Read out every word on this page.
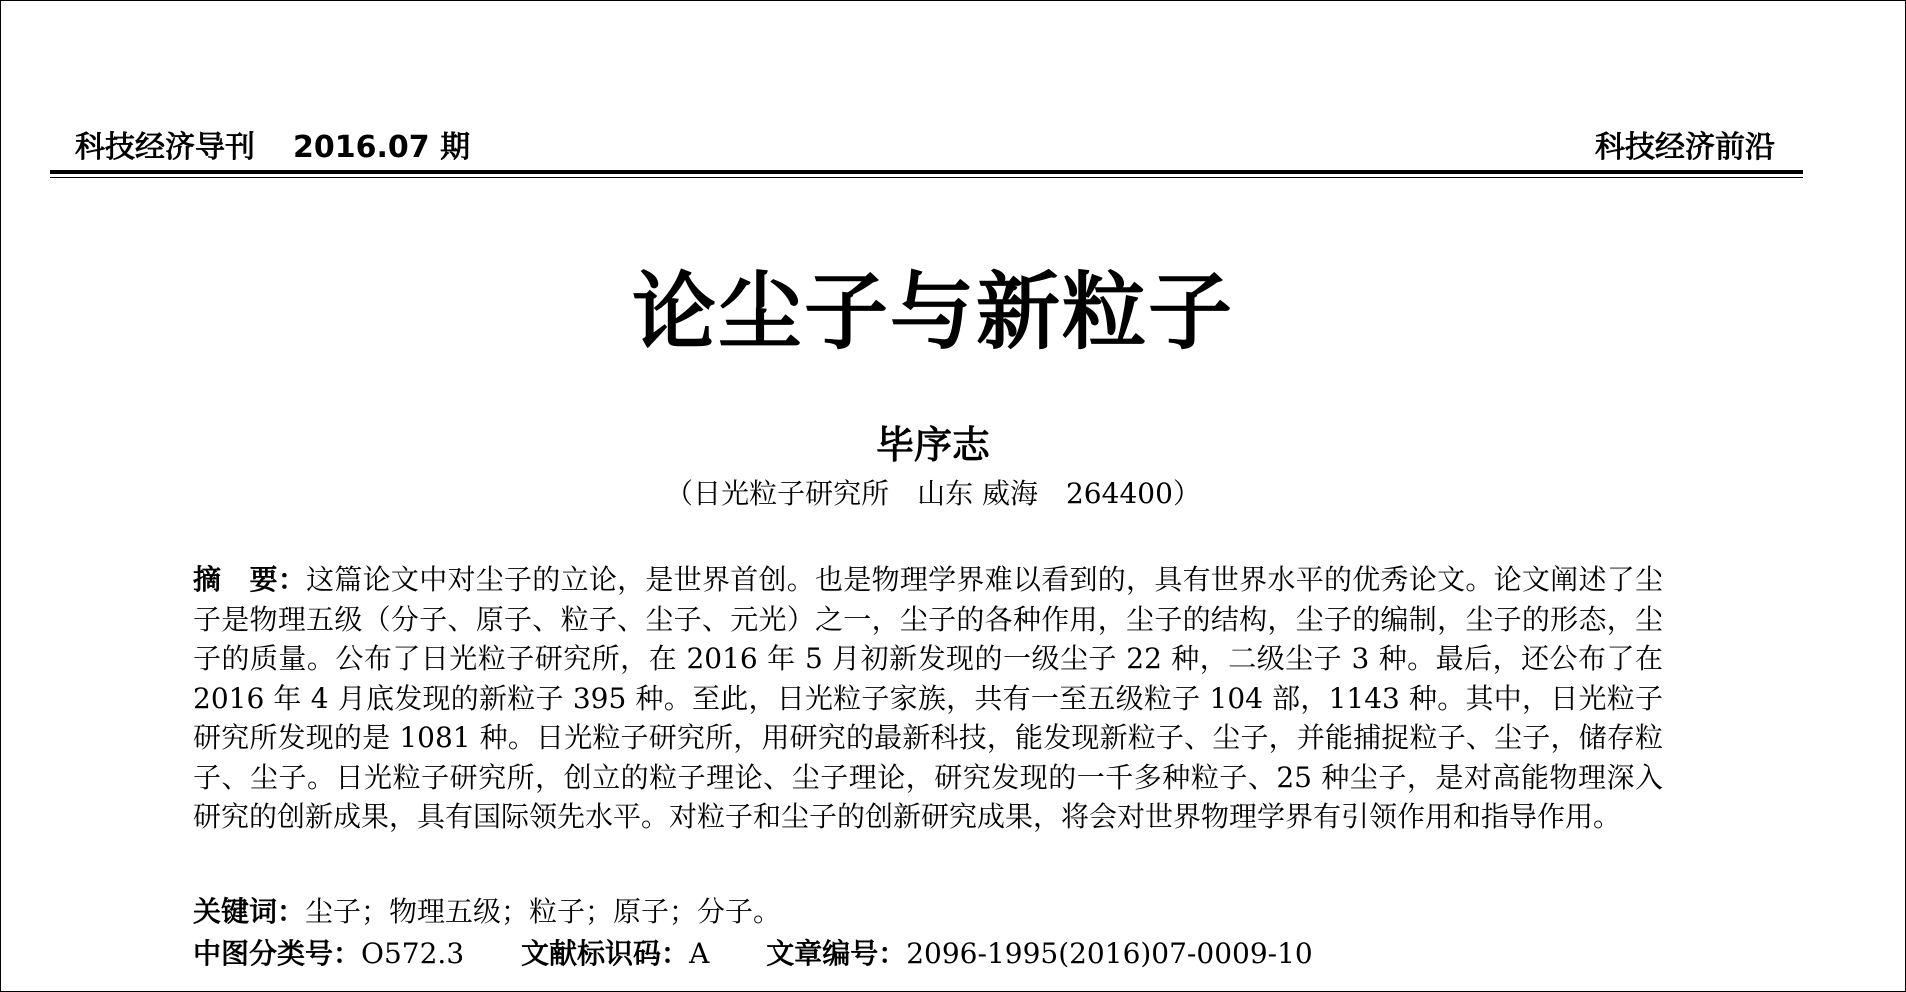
科技经济导刊 2016.07 期	科技经济前沿
论尘子与新粒子
毕序志
（日光粒子研究所　山东 威海　264400）
摘　要：这篇论文中对尘子的立论，是世界首创。也是物理学界难以看到的，具有世界水平的优秀论文。论文阐述了尘子是物理五级（分子、原子、粒子、尘子、元光）之一，尘子的各种作用，尘子的结构，尘子的编制，尘子的形态，尘子的质量。公布了日光粒子研究所，在 2016 年 5 月初新发现的一级尘子 22 种，二级尘子 3 种。最后，还公布了在 2016 年 4 月底发现的新粒子 395 种。至此，日光粒子家族，共有一至五级粒子 104 部，1143 种。其中，日光粒子研究所发现的是 1081 种。日光粒子研究所，用研究的最新科技，能发现新粒子、尘子，并能捕捉粒子、尘子，储存粒子、尘子。日光粒子研究所，创立的粒子理论、尘子理论，研究发现的一千多种粒子、25 种尘子，是对高能物理深入研究的创新成果，具有国际领先水平。对粒子和尘子的创新研究成果，将会对世界物理学界有引领作用和指导作用。
关键词：尘子；物理五级；粒子；原子；分子。
中图分类号：O572.3 文献标识码：A 文章编号：2096-1995(2016)07-0009-10
